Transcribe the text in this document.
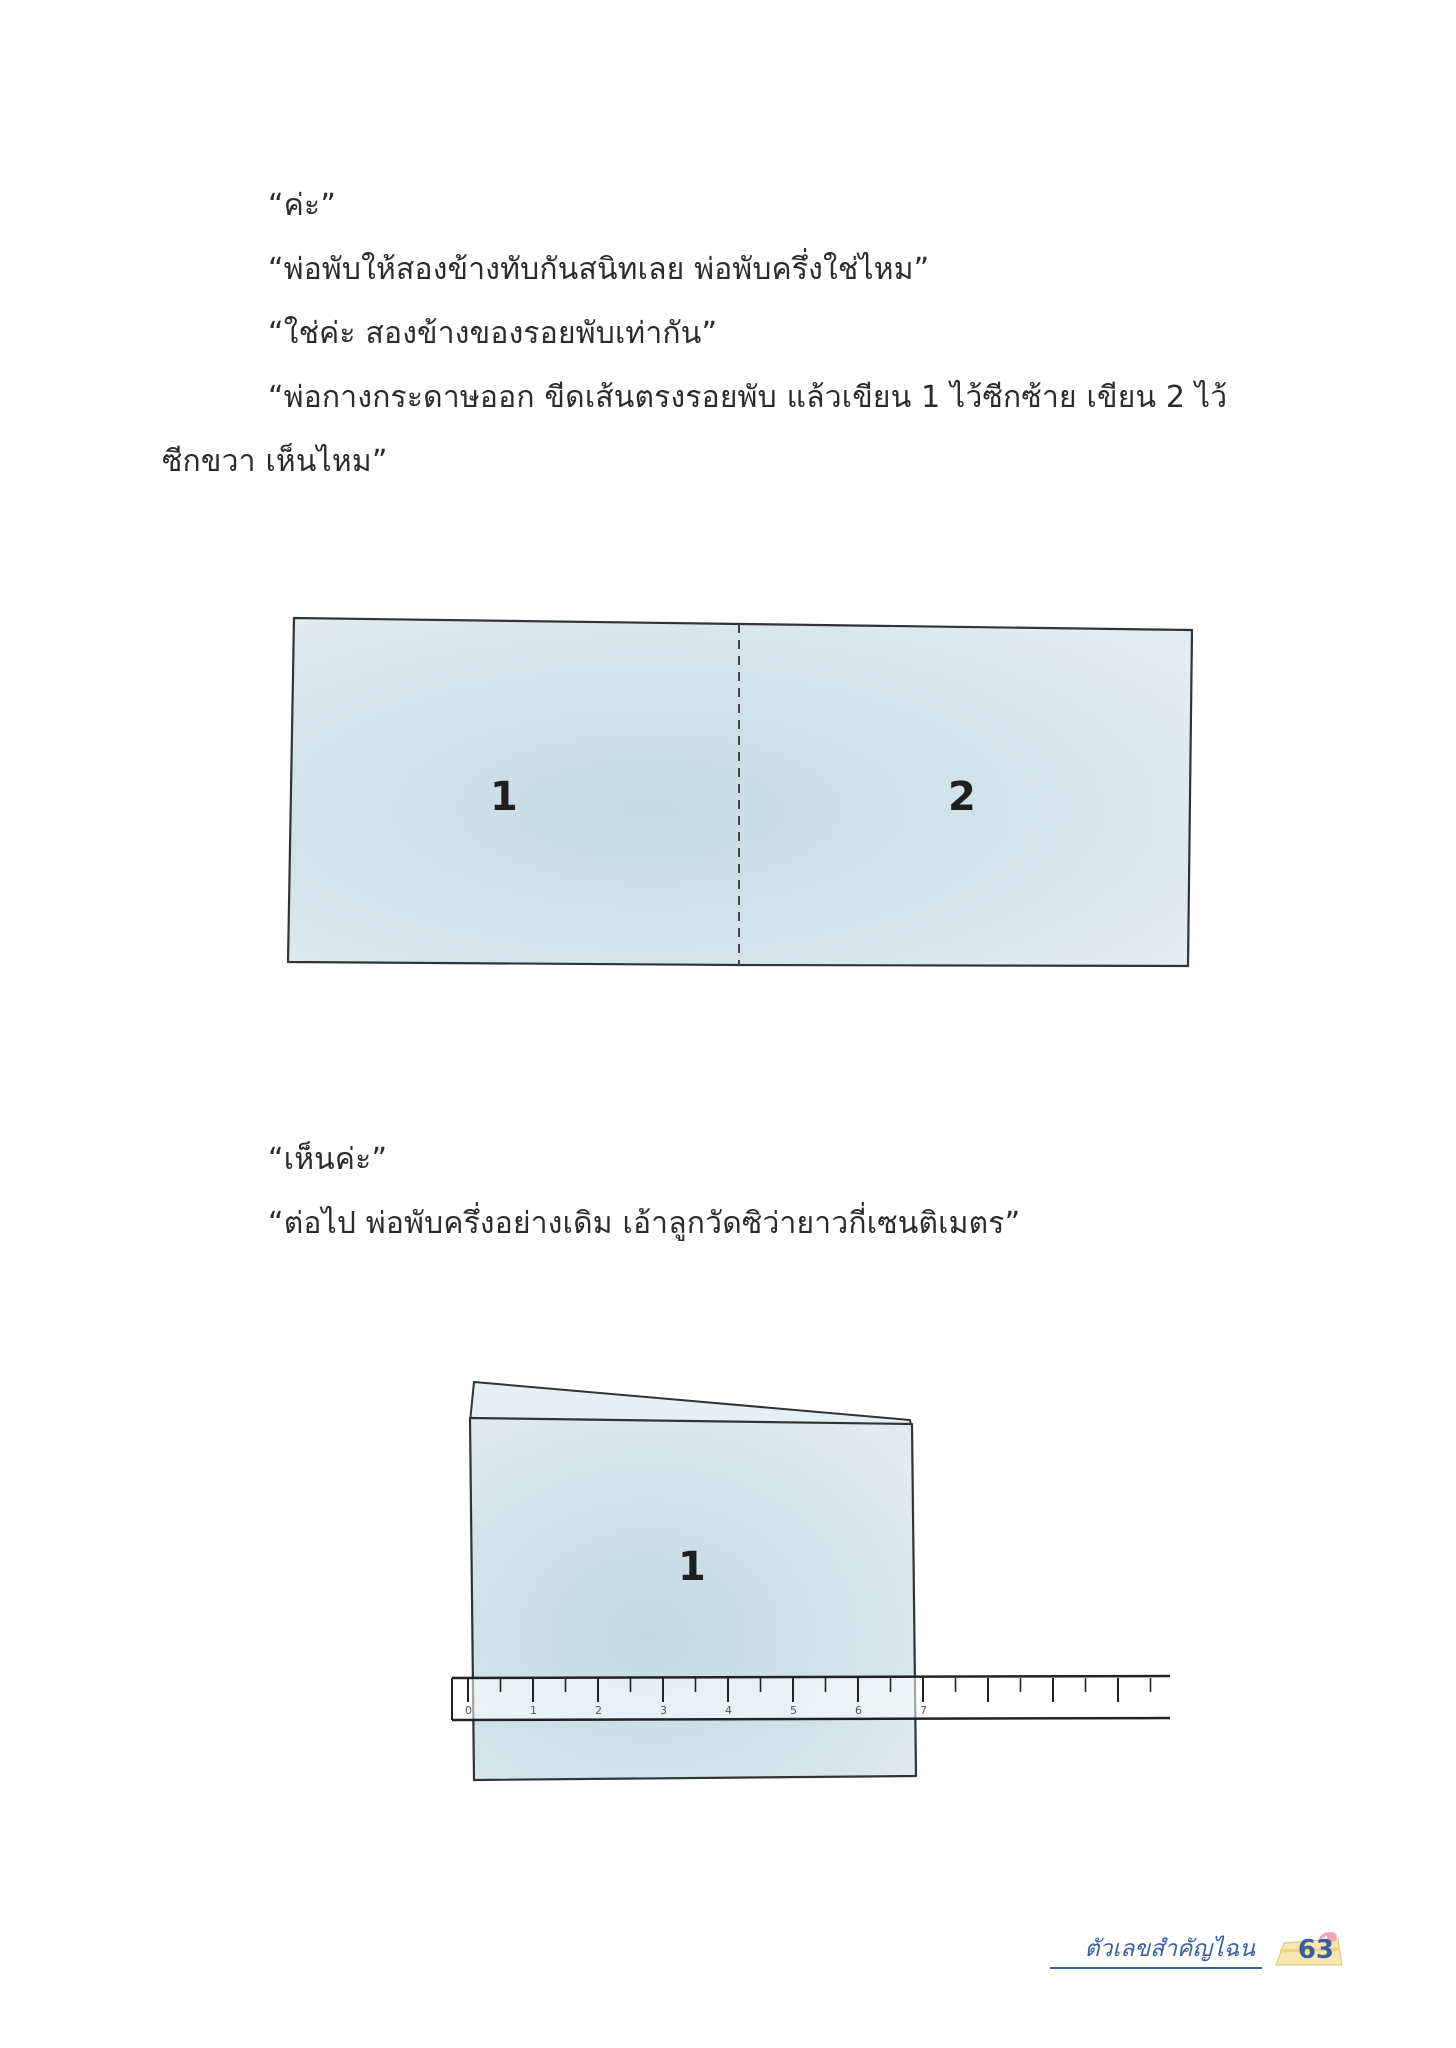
“ค่ะ”
“พ่อพับให้สองข้างทับกันสนิทเลย พ่อพับครึ่งใช่ไหม”
“ใช่ค่ะ สองข้างของรอยพับเท่ากัน”
“พ่อกางกระดาษออก ขีดเส้นตรงรอยพับ แล้วเขียน 1 ไว้ซีกซ้าย เขียน 2 ไว้
ซีกขวา เห็นไหม”
1	2
“เห็นค่ะ”
“ต่อไป พ่อพับครึ่งอย่างเดิม เอ้าลูกวัดซิว่ายาวกี่เซนติเมตร”
1
0	1	2	3	4	5	6	7
ตัวเลขสำคัญไฉน 63
